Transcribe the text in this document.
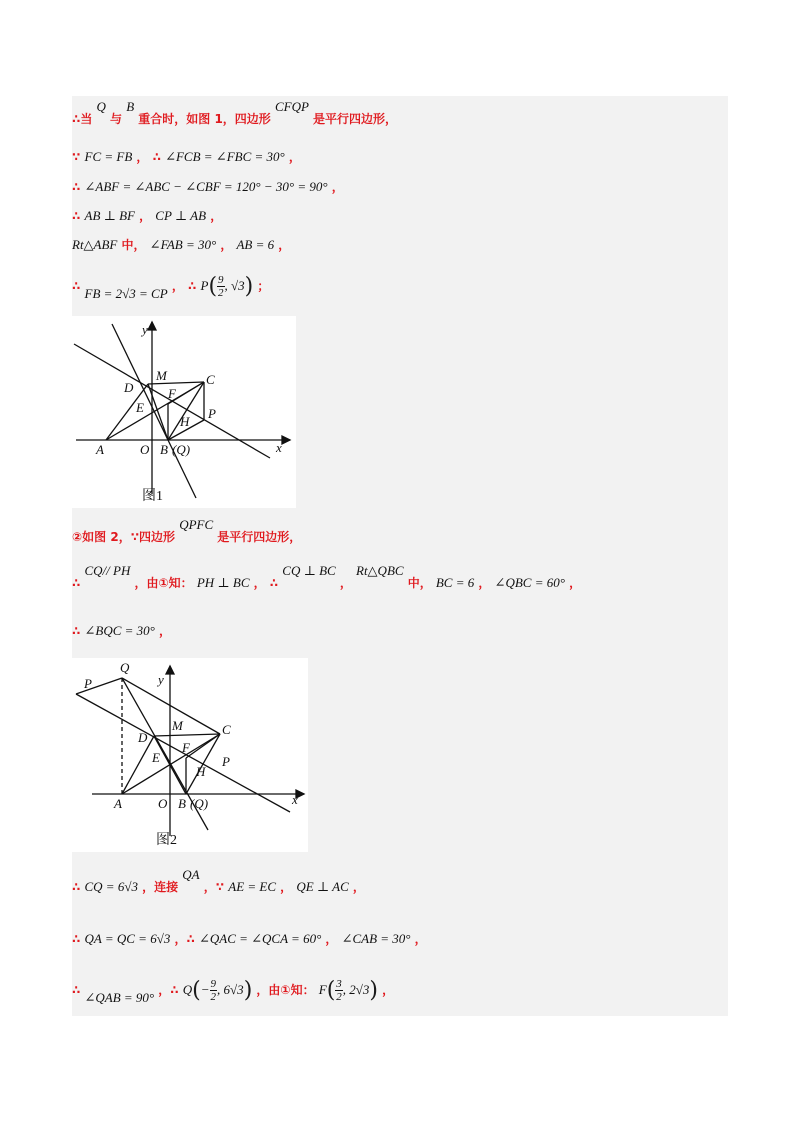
∴当 Q 与 B 重合时，如图 1，四边形 CFQP 是平行四边形，
∵ FC = FB ， ∴ ∠FCB = ∠FBC = 30° ，
∴ ∠ABF = ∠ABC − ∠CBF = 120° − 30° = 90° ，
∴ AB ⊥ BF ， CP ⊥ AB ，
Rt△ABF 中， ∠FAB = 30° ， AB = 6 ，
∴ FB = 2√3 = CP ， ∴ $P( \frac{9}{2}$ , √3) ；
y
x
M	C
D	F
E
H
P
A	O B (Q)
图1
②如图 2，∵四边形 QPFC 是平行四边形，
∴ CQ// PH ，由①知： PH ⊥ BC ， ∴ CQ ⊥ BC ， Rt△QBC 中， BC = 6 ， ∠QBC = 60° ，
∴ ∠BQC = 30° ，
Q
P	y
x
M	C
D
F
E
H
P
A	O B (Q)
图2
∴ CQ = 6√3 ，连接 QA ，∵ AE = EC ， QE ⊥ AC ，
∴ QA = QC = 6√3 ，∴ ∠QAC = ∠QCA = 60° ， ∠CAB = 30° ，
∴ ∠QAB = 90° ，∴ $Q(- \frac{9}{2}$ , 6√3) ，由①知： $F( \frac{3}{2}$ , 2√3) ，
